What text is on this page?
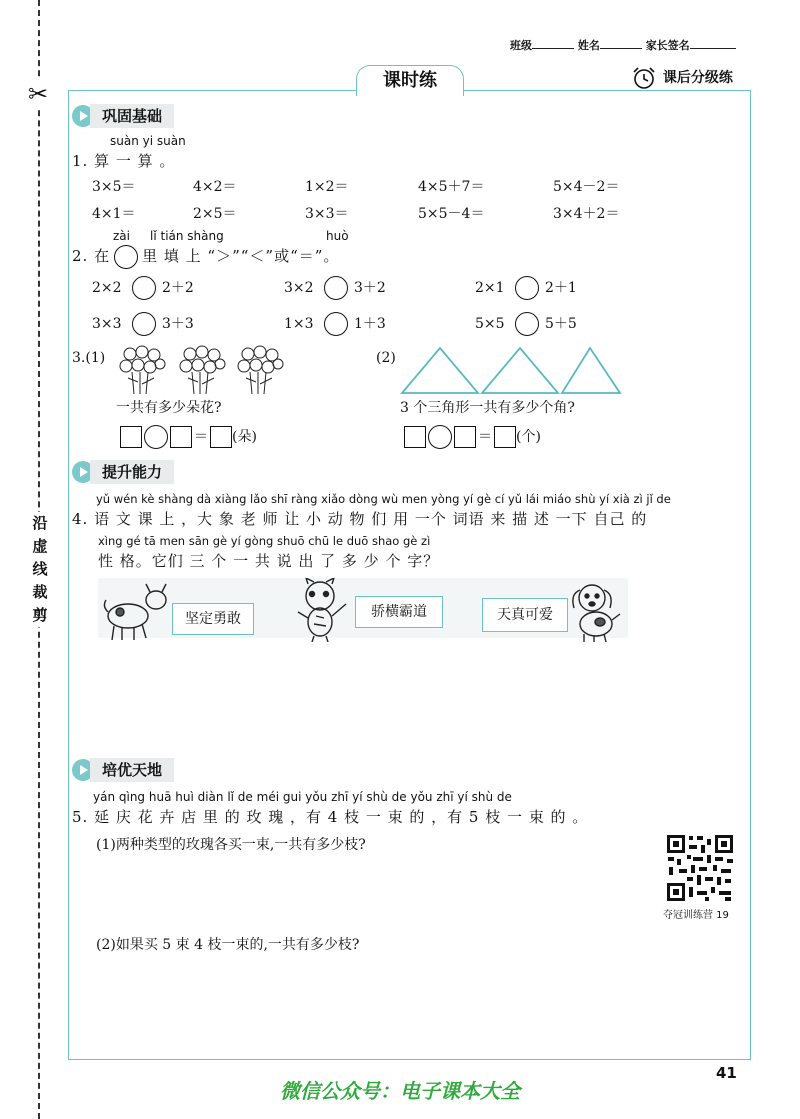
✂
沿
虚
线
裁
剪
班级	姓名	家长签名
课时练	课后分级练
巩固基础
suàn yi suàn
1. 算 一 算 。
3×5＝	4×2＝	1×2＝	4×5＋7＝	5×4－2＝
4×1＝	2×5＝	3×3＝	5×5－4＝	3×4＋2＝
zài lǐ tián shàng	huò
2. 在 里 填 上 “＞”“＜”或“＝”。
2×2	2＋2	3×2	3＋2	2×1	2＋1
3×3	3＋3	1×3	1＋3	5×5	5＋5
3.(1)
一共有多少朵花?
＝ (朵)
(2)
3 个三角形一共有多少个角?
＝ (个)
提升能力
yǔ wén kè shàng dà xiàng lǎo shī ràng xiǎo dòng wù men yòng yí gè cí yǔ lái miáo shù yí xià zì jǐ de
4. 语 文 课 上 ，大 象 老 师 让 小 动 物 们 用 一个 词语 来 描 述 一下 自己 的
xìng gé tā men sān gè yí gòng shuō chū le duō shao gè zì
性 格。它们 三 个 一 共 说 出 了 多 少 个 字？
坚定勇敢	骄横霸道	天真可爱
培优天地
yán qìng huā huì diàn lǐ de méi gui yǒu zhī yí shù de yǒu zhī yí shù de
5. 延 庆 花 卉 店 里 的 玫 瑰 ，有 4 枝 一 束 的 ，有 5 枝 一 束 的 。
(1)两种类型的玫瑰各买一束,一共有多少枝?
(2)如果买 5 束 4 枝一束的,一共有多少枝?
夺冠训练营 19
41
微信公众号：电子课本大全
